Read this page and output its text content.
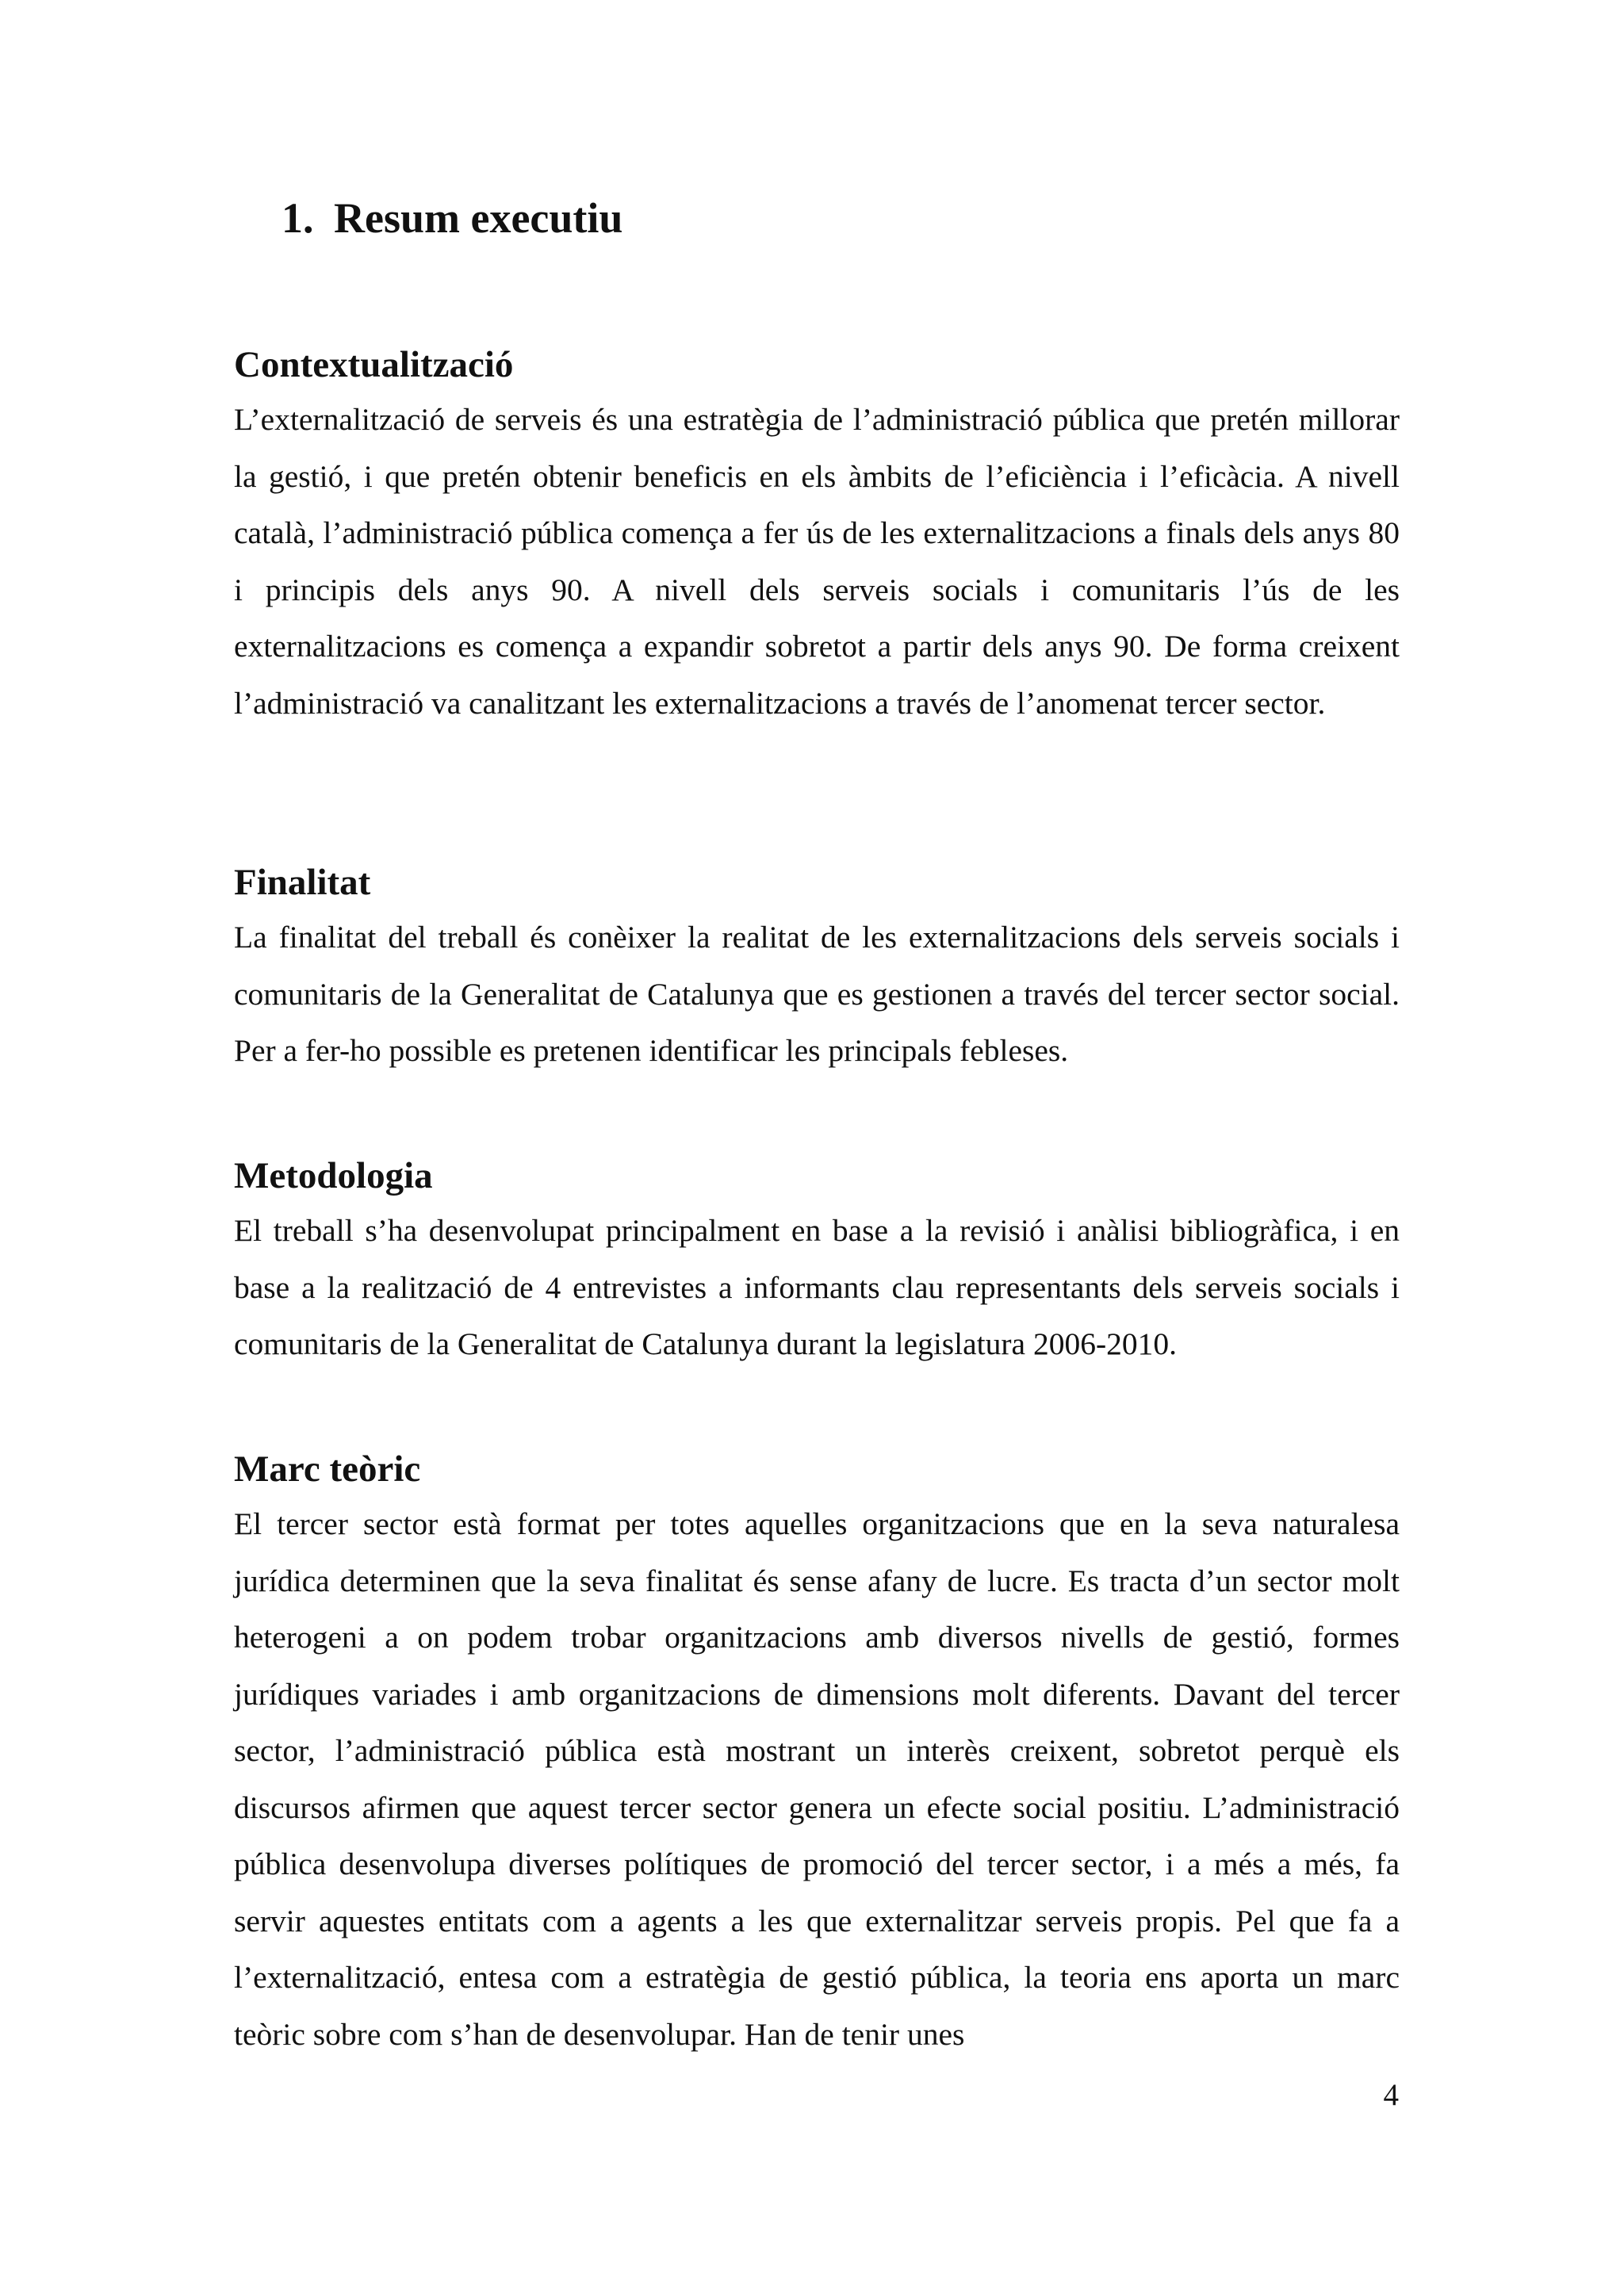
1. Resum executiu
Contextualització

L’externalització de serveis és una estratègia de l’administració pública que pretén millorar la gestió, i que pretén obtenir beneficis en els àmbits de l’eficiència i l’eficàcia. A nivell català, l’administració pública comença a fer ús de les externalitzacions a finals dels anys 80 i principis dels anys 90. A nivell dels serveis socials i comunitaris l’ús de les externalitzacions es comença a expandir sobretot a partir dels anys 90. De forma creixent l’administració va canalitzant les externalitzacions a través de l’anomenat tercer sector.

Finalitat

La finalitat del treball és conèixer la realitat de les externalitzacions dels serveis socials i comunitaris de la Generalitat de Catalunya que es gestionen a través del tercer sector social. Per a fer-ho possible es pretenen identificar les principals febleses.

Metodologia

El treball s’ha desenvolupat principalment en base a la revisió i anàlisi bibliogràfica, i en base a la realització de 4 entrevistes a informants clau representants dels serveis socials i comunitaris de la Generalitat de Catalunya durant la legislatura 2006-2010.

Marc teòric

El tercer sector està format per totes aquelles organitzacions que en la seva naturalesa jurídica determinen que la seva finalitat és sense afany de lucre. Es tracta d’un sector molt heterogeni a on podem trobar organitzacions amb diversos nivells de gestió, formes jurídiques variades i amb organitzacions de dimensions molt diferents. Davant del tercer sector, l’administració pública està mostrant un interès creixent, sobretot perquè els discursos afirmen que aquest tercer sector genera un efecte social positiu. L’administració pública desenvolupa diverses polítiques de promoció del tercer sector, i a més a més, fa servir aquestes entitats com a agents a les que externalitzar serveis propis. Pel que fa a l’externalització, entesa com a estratègia de gestió pública, la teoria ens aporta un marc teòric sobre com s’han de desenvolupar. Han de tenir unes

4
